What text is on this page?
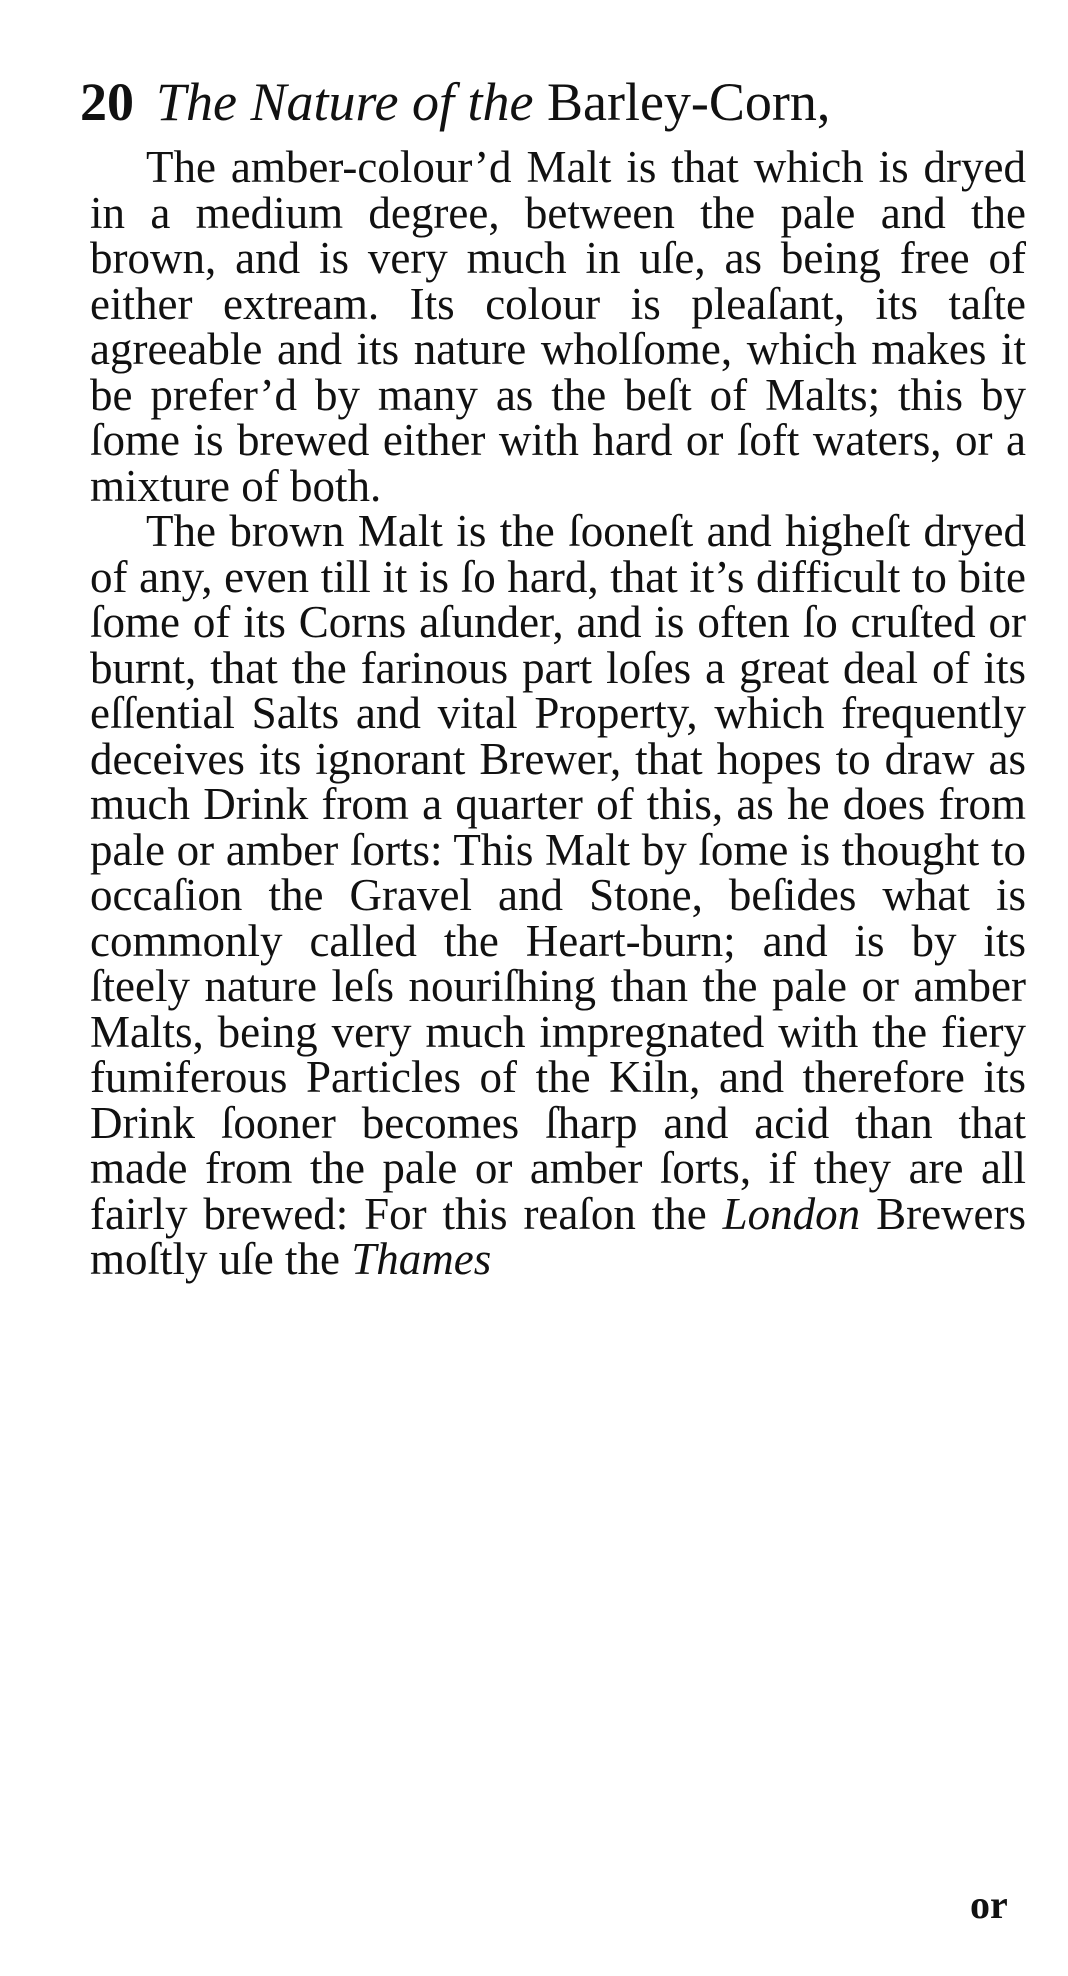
20 The Nature of the Barley-Corn,

The amber-colour’d Malt is that which is dryed in a medium degree, between the pale and the brown, and is very much in uſe, as being free of either extream. Its colour is pleaſant, its taſte agreeable and its nature wholſome, which makes it be prefer’d by many as the beſt of Malts; this by ſome is brewed either with hard or ſoft waters, or a mixture of both.

The brown Malt is the ſooneſt and higheſt dryed of any, even till it is ſo hard, that it’s difficult to bite ſome of its Corns aſunder, and is often ſo cruſted or burnt, that the farinous part loſes a great deal of its eſſential Salts and vital Property, which frequently deceives its ignorant Brewer, that hopes to draw as much Drink from a quarter of this, as he does from pale or amber ſorts: This Malt by ſome is thought to occaſion the Gravel and Stone, beſides what is commonly called the Heart-burn; and is by its ſteely nature leſs nouriſhing than the pale or amber Malts, being very much impregnated with the fiery fumiferous Particles of the Kiln, and therefore its Drink ſooner becomes ſharp and acid than that made from the pale or amber ſorts, if they are all fairly brewed: For this reaſon the London Brewers moſtly uſe the Thames

or
